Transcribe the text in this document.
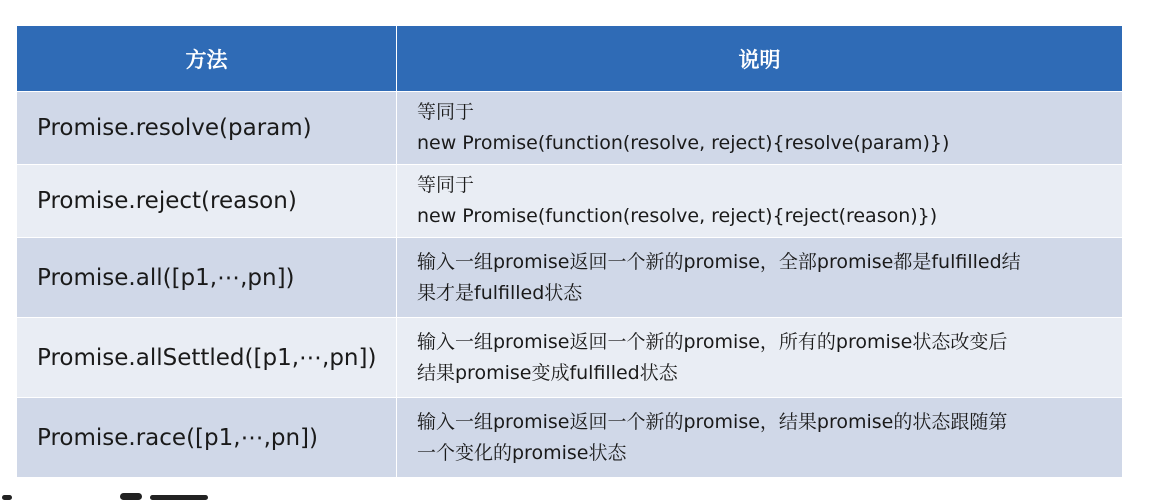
方法	说明
Promise.resolve(param)	等同于
new Promise(function(resolve, reject){resolve(param)})

Promise.reject(reason)	等同于
new Promise(function(resolve, reject){reject(reason)})

Promise.all([p1,⋯,pn])	输入一组promise返回一个新的promise，全部promise都是fulfilled结
果才是fulfilled状态

Promise.allSettled([p1,⋯,pn])	输入一组promise返回一个新的promise，所有的promise状态改变后
结果promise变成fulfilled状态

Promise.race([p1,⋯,pn])	输入一组promise返回一个新的promise，结果promise的状态跟随第
一个变化的promise状态
